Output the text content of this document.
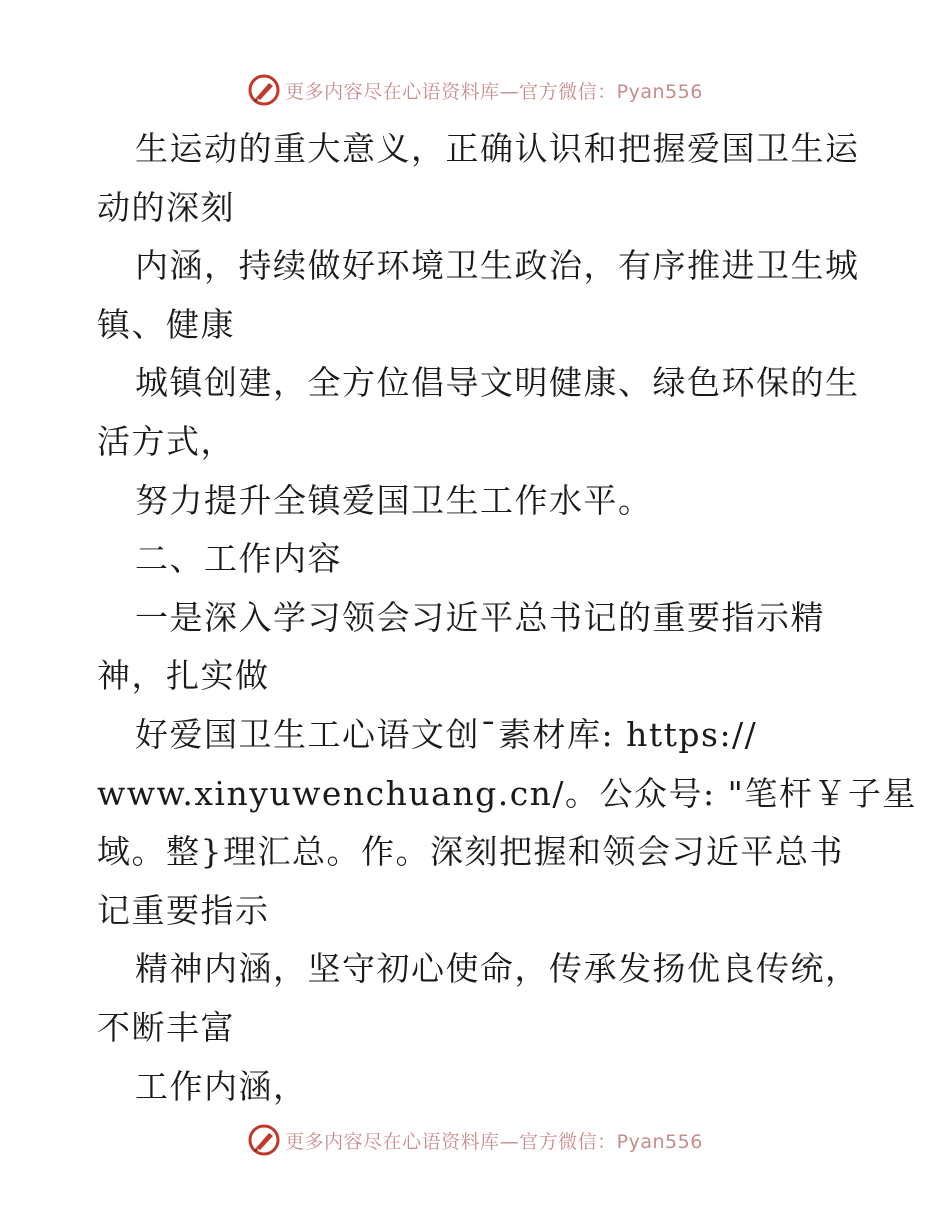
更多内容尽在心语资料库—官方微信：Pyan556
生运动的重大意义，正确认识和把握爱国卫生运
动的深刻
内涵，持续做好环境卫生政治，有序推进卫生城
镇、健康
城镇创建，全方位倡导文明健康、绿色环保的生
活方式，
努力提升全镇爱国卫生工作水平。
二、工作内容
一是深入学习领会习近平总书记的重要指示精
神，扎实做
好爱国卫生工心语文创¯素材库: https://
www.xinyuwenchuang.cn/。公众号: "笔杆￥子星
域。整}理汇总。作。深刻把握和领会习近平总书
记重要指示
精神内涵，坚守初心使命，传承发扬优良传统，
不断丰富
工作内涵，
更多内容尽在心语资料库—官方微信：Pyan556
